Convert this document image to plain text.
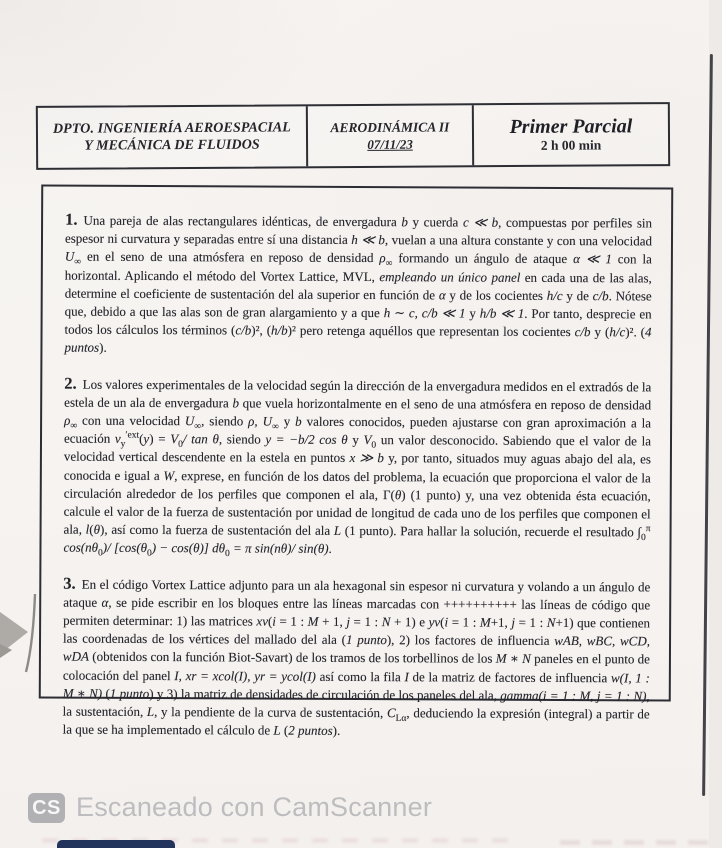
DPTO. INGENIERÍA AEROESPACIAL
Y MECÁNICA DE FLUIDOS
AERODINÁMICA II
07/11/23
Primer Parcial
2 h 00 min

1. Una pareja de alas rectangulares idénticas, de envergadura b y cuerda c ≪ b, compuestas por perfiles sin espesor ni curvatura y separadas entre sí una distancia h ≪ b, vuelan a una altura constante y con una velocidad $U_\infty$ en el seno de una atmósfera en reposo de densidad $\rho_\infty$ formando un ángulo de ataque α ≪ 1 con la horizontal. Aplicando el método del Vortex Lattice, MVL, empleando un único panel en cada una de las alas, determine el coeficiente de sustentación del ala superior en función de α y de los cocientes h/c y de c/b. Nótese que, debido a que las alas son de gran alargamiento y a que h ∼ c, c/b ≪ 1 y h/b ≪ 1. Por tanto, desprecie en todos los cálculos los términos (c/b)², (h/b)² pero retenga aquéllos que representan los cocientes c/b y (h/c)². (4 puntos).

2. Los valores experimentales de la velocidad según la dirección de la envergadura medidos en el extradós de la estela de un ala de envergadura b que vuela horizontalmente en el seno de una atmósfera en reposo de densidad $\rho_\infty$ con una velocidad $U_\infty$, siendo ρ, $U_\infty$ y b valores conocidos, pueden ajustarse con gran aproximación a la ecuación $v_y^{'ext}(y) = V_0/$ tan θ, siendo y = −b/2 cos θ y $V_0$ un valor desconocido. Sabiendo que el valor de la velocidad vertical descendente en la estela en puntos x ≫ b y, por tanto, situados muy aguas abajo del ala, es conocida e igual a W, exprese, en función de los datos del problema, la ecuación que proporciona el valor de la circulación alrededor de los perfiles que componen el ala, Γ(θ) (1 punto) y, una vez obtenida ésta ecuación, calcule el valor de la fuerza de sustentación por unidad de longitud de cada uno de los perfiles que componen el ala, l(θ), así como la fuerza de sustentación del ala L (1 punto). Para hallar la solución, recuerde el resultado $\int_0^\pi$ $\cos(n\theta_0)/$ $[\cos(\theta_0) - \cos(\theta)] d\theta_0 = \pi$ sin(nθ)/ sin(θ).

3. En el código Vortex Lattice adjunto para un ala hexagonal sin espesor ni curvatura y volando a un ángulo de ataque α, se pide escribir en los bloques entre las líneas marcadas con ++++++++++ las líneas de código que permiten determinar: 1) las matrices xv(i = 1 : M + 1, j = 1 : N + 1) e yv(i = 1 : M+1, j = 1 : N+1) que contienen las coordenadas de los vértices del mallado del ala (1 punto), 2) los factores de influencia wAB, wBC, wCD, wDA (obtenidos con la función Biot-Savart) de los tramos de los torbellinos de los M ∗ N paneles en el punto de colocación del panel I, xr = xcol(I), yr = ycol(I) así como la fila I de la matriz de factores de influencia w(I, 1 : M ∗ N) (1 punto) y 3) la matriz de densidades de circulación de los paneles del ala, gamma(i = 1 : M, j = 1 : N), la sustentación, L, y la pendiente de la curva de sustentación, $C_{L\alpha}$, deduciendo la expresión (integral) a partir de la que se ha implementado el cálculo de L (2 puntos).

CS Escaneado con CamScanner
